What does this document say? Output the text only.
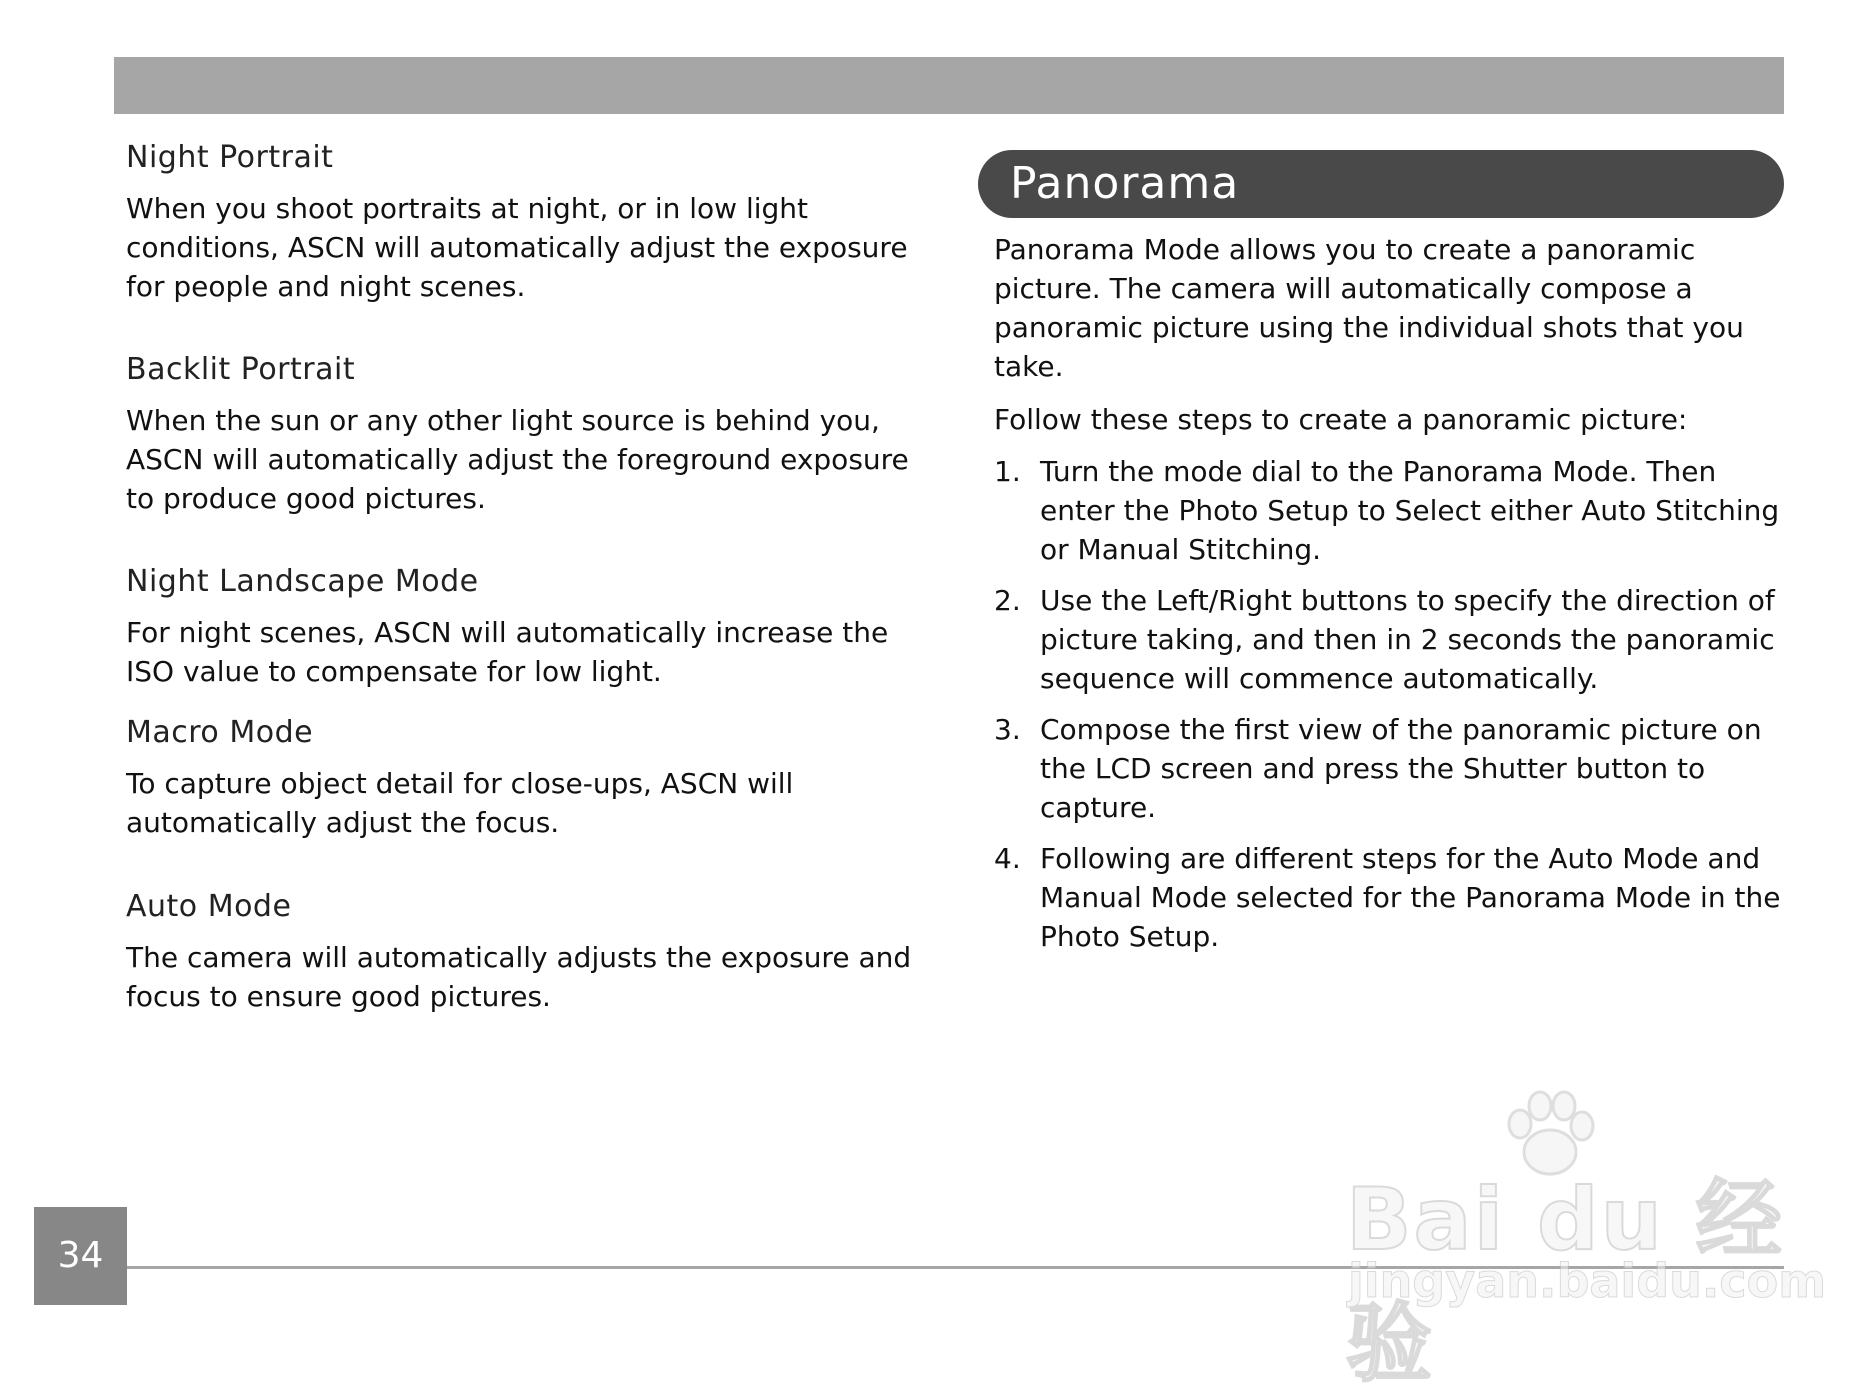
Night Portrait

When you shoot portraits at night, or in low light conditions, ASCN will automatically adjust the exposure for people and night scenes.

Backlit Portrait

When the sun or any other light source is behind you, ASCN will automatically adjust the foreground exposure to produce good pictures.

Night Landscape Mode

For night scenes, ASCN will automatically increase the ISO value to compensate for low light.

Macro Mode

To capture object detail for close-ups, ASCN will automatically adjust the focus.

Auto Mode

The camera will automatically adjusts the exposure and focus to ensure good pictures.

Panorama

Panorama Mode allows you to create a panoramic picture. The camera will automatically compose a panoramic picture using the individual shots that you take.

Follow these steps to create a panoramic picture:

1. Turn the mode dial to the Panorama Mode. Then enter the Photo Setup to Select either Auto Stitching or Manual Stitching.
2. Use the Left/Right buttons to specify the direction of picture taking, and then in 2 seconds the panoramic sequence will commence automatically.
3. Compose the first view of the panoramic picture on the LCD screen and press the Shutter button to capture.
4. Following are different steps for the Auto Mode and Manual Mode selected for the Panorama Mode in the Photo Setup.
34	Bai du 经验
jingyan.baidu.com
